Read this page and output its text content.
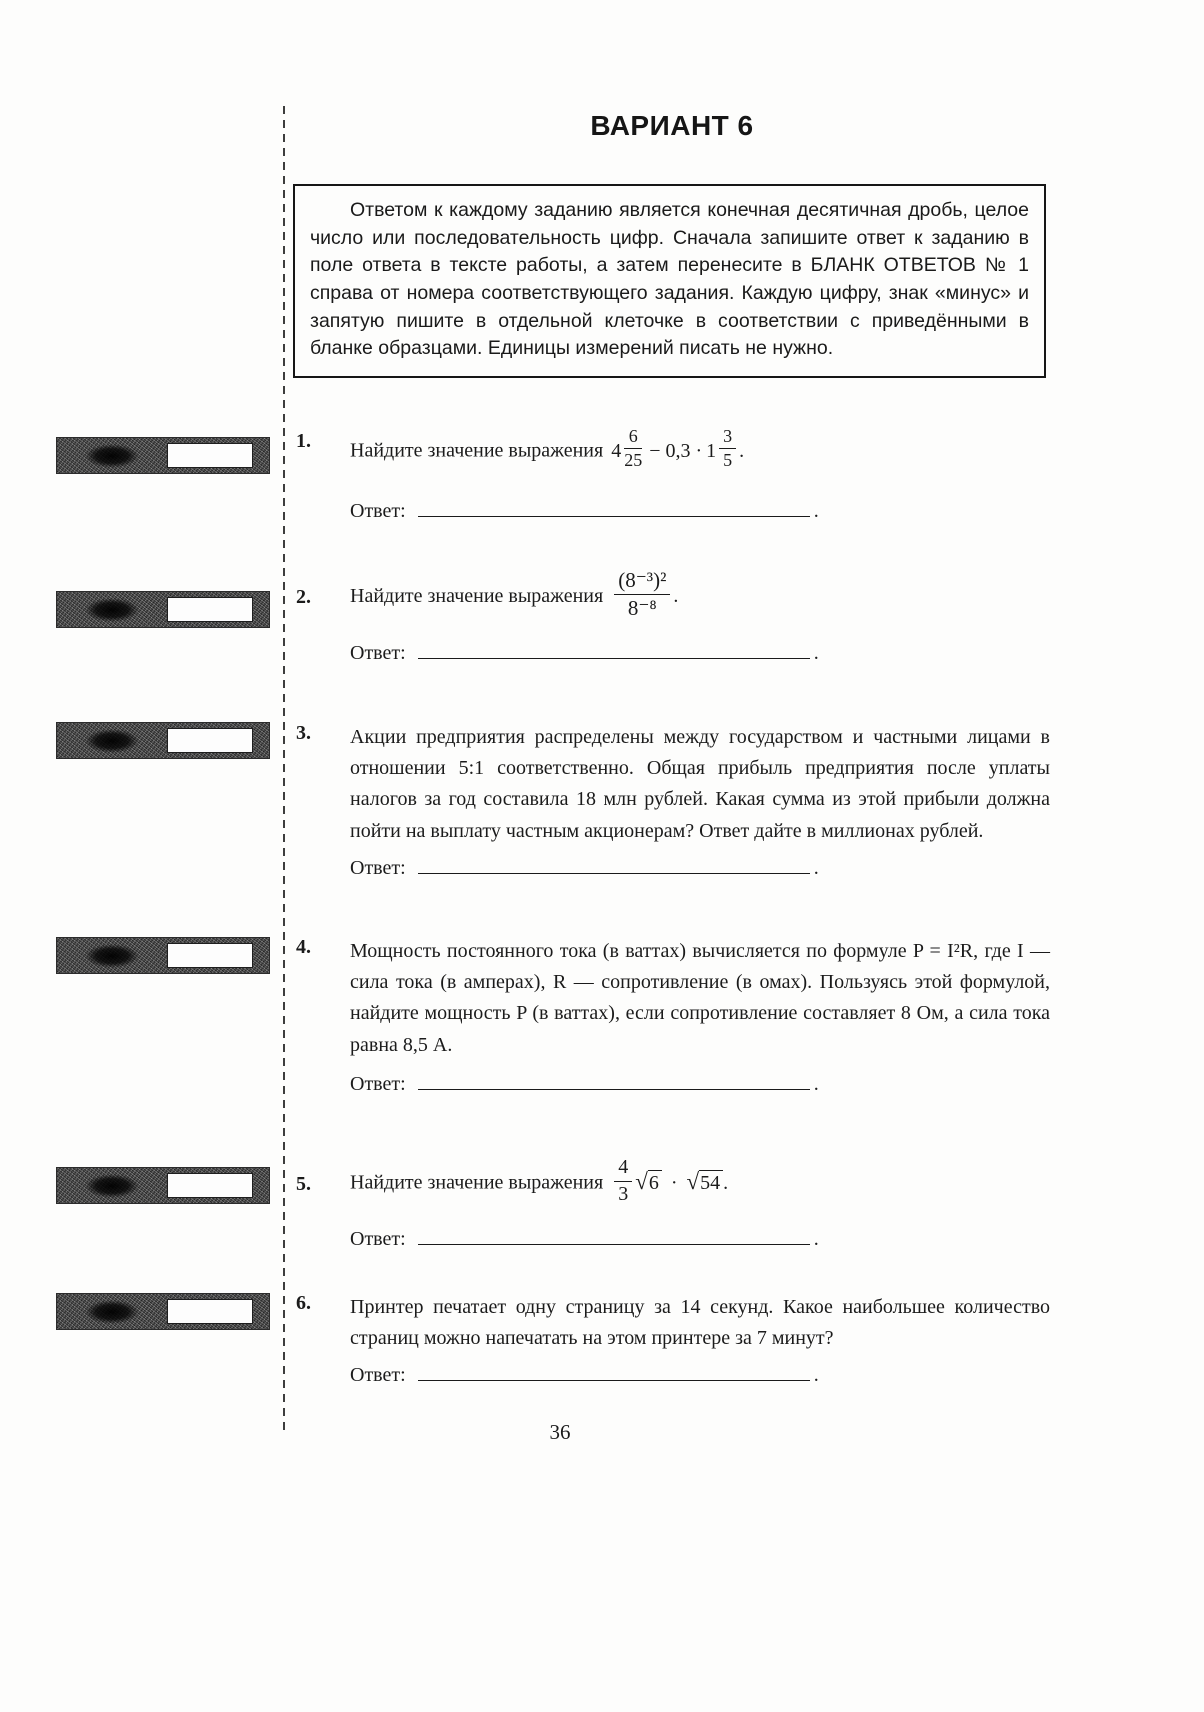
ВАРИАНТ 6

Ответом к каждому заданию является конечная десятичная дробь, целое число или последовательность цифр. Сначала запишите ответ к заданию в поле ответа в тексте работы, а затем перенесите в БЛАНК ОТВЕТОВ № 1 справа от номера соответствующего задания. Каждую цифру, знак «минус» и запятую пишите в отдельной клеточке в соответствии с приведёнными в бланке образцами. Единицы измерений писать не нужно.

1.	Найдите значение выражения $4 \frac{6}{25} - 0,3 \cdot 1 \frac{3}{5}$ .
Ответ:	.
2.	Найдите значение выражения $\frac{\text{(8⁻³)²}}{\text{8⁻⁸}}$ .
Ответ:	.
3.	Акции предприятия распределены между государством и частными лицами в отношении 5:1 соответственно. Общая прибыль предприятия после уплаты налогов за год составила 18 млн рублей. Какая сумма из этой прибыли должна пойти на выплату частным акционерам? Ответ дайте в миллионах рублей.
Ответ:	.
4.	Мощность постоянного тока (в ваттах) вычисляется по формуле P = I²R, где I — сила тока (в амперах), R — сопротивление (в омах). Пользуясь этой формулой, найдите мощность P (в ваттах), если сопротивление составляет 8 Ом, а сила тока равна 8,5 А.
Ответ:	.
5.	Найдите значение выражения $\frac{4}{3} √6 \cdot √54$ .
Ответ:	.
6.	Принтер печатает одну страницу за 14 секунд. Какое наибольшее количество страниц можно напечатать на этом принтере за 7 минут?
Ответ:	.
36
